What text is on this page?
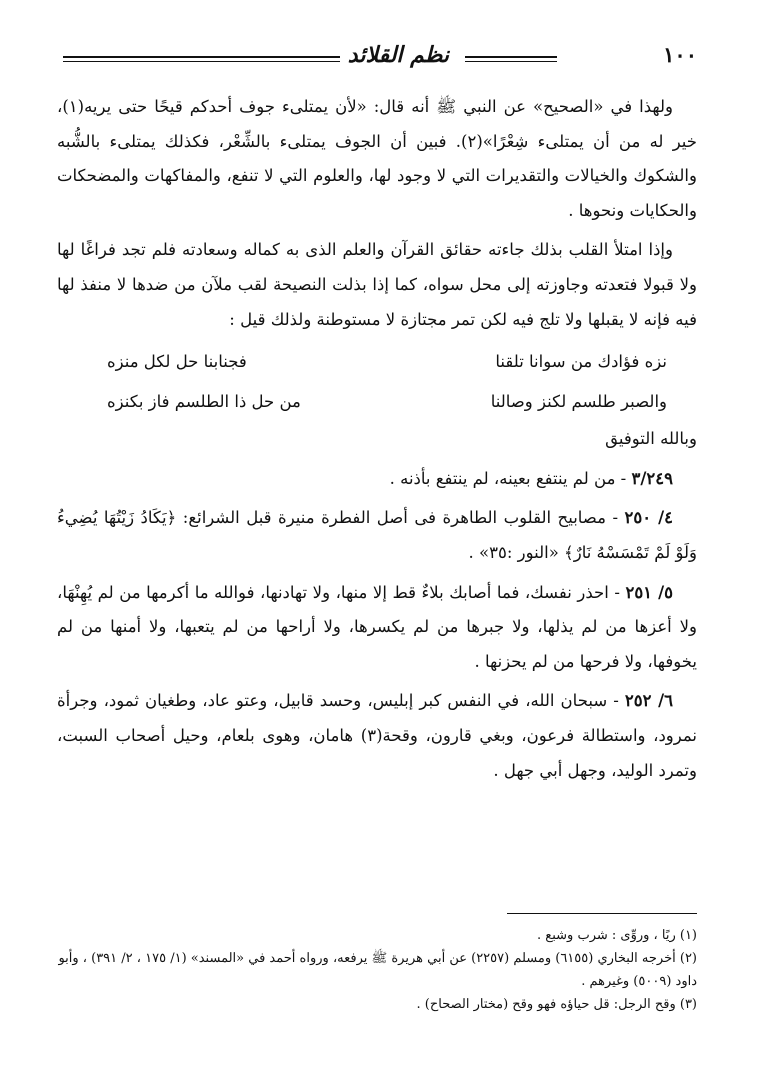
١٠٠
نظم القلائد

ولهذا في «الصحيح» عن النبي ﷺ أنه قال: «لأن يمتلىء جوف أحدكم قيحًا حتى يريه(١)، خير له من أن يمتلىء شِعْرًا»(٢). فبين أن الجوف يمتلىء بالشِّعْر، فكذلك يمتلىء بالشُّبه والشكوك والخيالات والتقديرات التي لا وجود لها، والعلوم التي لا تنفع، والمفاكهات والمضحكات والحكايات ونحوها .

وإذا امتلأ القلب بذلك جاءته حقائق القرآن والعلم الذى به كماله وسعادته فلم تجد فراغًا لها ولا قبولا فتعدته وجاوزته إلى محل سواه، كما إذا بذلت النصيحة لقب ملآن من ضدها لا منفذ لها فيه فإنه لا يقبلها ولا تلج فيه لكن تمر مجتازة لا مستوطنة ولذلك قيل :

نزه فؤادك من سوانا تلقنا
فجنابنا حل لكل منزه
والصبر طلسم لكنز وصالنا
من حل ذا الطلسم فاز بكنزه

وبالله التوفيق

٣/٢٤٩ - من لم ينتفع بعينه، لم ينتفع بأذنه .

٤/ ٢٥٠ - مصابيح القلوب الطاهرة فى أصل الفطرة منيرة قبل الشرائع: ﴿يَكَادُ زَيْتُهَا يُضِيءُ وَلَوْ لَمْ تَمْسَسْهُ نَارٌ﴾ «النور :٣٥» .

٥/ ٢٥١ - احذر نفسك، فما أصابك بلاءٌ قط إلا منها، ولا تهادنها، فوالله ما أكرمها من لم يُهِنْهَا، ولا أعزها من لم يذلها، ولا جبرها من لم يكسرها، ولا أراحها من لم يتعبها، ولا أمنها من لم يخوفها، ولا فرحها من لم يحزنها .

٦/ ٢٥٢ - سبحان الله، في النفس كبر إبليس، وحسد قابيل، وعتو عاد، وطغيان ثمود، وجرأة نمرود، واستطالة فرعون، وبغي قارون، وقحة(٣) هامان، وهوى بلعام، وحيل أصحاب السبت، وتمرد الوليد، وجهل أبي جهل .

(١) ريًا ، وروِّى : شرب وشبع .
(٢) أخرجه البخاري (٦١٥٥) ومسلم (٢٢٥٧) عن أبي هريرة ﷺ يرفعه، ورواه أحمد في «المسند» (١/ ١٧٥ ، ٢/ ٣٩١) ، وأبو داود (٥٠٠٩) وغيرهم .
(٣) وقح الرجل: قل حياؤه فهو وقح (مختار الصحاح) .
